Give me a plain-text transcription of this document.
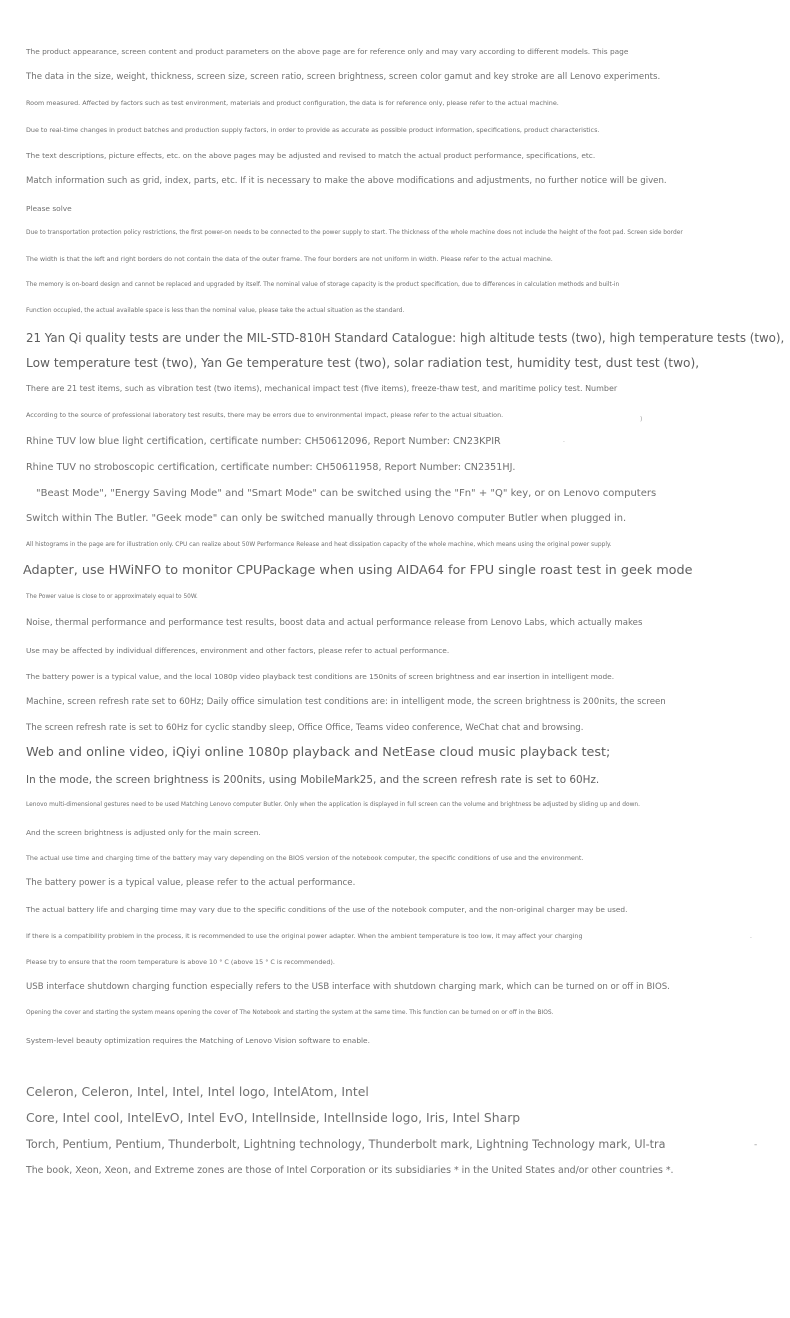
The product appearance, screen content and product parameters on the above page are for reference only and may vary according to different models. This page

The data in the size, weight, thickness, screen size, screen ratio, screen brightness, screen color gamut and key stroke are all Lenovo experiments.

Room measured. Affected by factors such as test environment, materials and product configuration, the data is for reference only, please refer to the actual machine.

Due to real-time changes in product batches and production supply factors, in order to provide as accurate as possible product information, specifications, product characteristics.

The text descriptions, picture effects, etc. on the above pages may be adjusted and revised to match the actual product performance, specifications, etc.

Match information such as grid, index, parts, etc. If it is necessary to make the above modifications and adjustments, no further notice will be given.

Please solve

Due to transportation protection policy restrictions, the first power-on needs to be connected to the power supply to start. The thickness of the whole machine does not include the height of the foot pad. Screen side border

The width is that the left and right borders do not contain the data of the outer frame. The four borders are not uniform in width. Please refer to the actual machine.

The memory is on-board design and cannot be replaced and upgraded by itself. The nominal value of storage capacity is the product specification, due to differences in calculation methods and built-in

Function occupied, the actual available space is less than the nominal value, please take the actual situation as the standard.

21 Yan Qi quality tests are under the MIL-STD-810H Standard Catalogue: high altitude tests (two), high temperature tests (two),

Low temperature test (two), Yan Ge temperature test (two), solar radiation test, humidity test, dust test (two),

There are 21 test items, such as vibration test (two items), mechanical impact test (five items), freeze-thaw test, and maritime policy test. Number

According to the source of professional laboratory test results, there may be errors due to environmental impact, please refer to the actual situation.

)

Rhine TUV low blue light certification, certificate number: CH50612096, Report Number: CN23KPIR	.

Rhine TUV no stroboscopic certification, certificate number: CH50611958, Report Number: CN2351HJ.

"Beast Mode", "Energy Saving Mode" and "Smart Mode" can be switched using the "Fn" + "Q" key, or on Lenovo computers

Switch within The Butler. "Geek mode" can only be switched manually through Lenovo computer Butler when plugged in.

All histograms in the page are for illustration only. CPU can realize about 50W Performance Release and heat dissipation capacity of the whole machine, which means using the original power supply.

Adapter, use HWiNFO to monitor CPUPackage when using AIDA64 for FPU single roast test in geek mode

The Power value is close to or approximately equal to 50W.

Noise, thermal performance and performance test results, boost data and actual performance release from Lenovo Labs, which actually makes

Use may be affected by individual differences, environment and other factors, please refer to actual performance.

The battery power is a typical value, and the local 1080p video playback test conditions are 150nits of screen brightness and ear insertion in intelligent mode.

Machine, screen refresh rate set to 60Hz; Daily office simulation test conditions are: in intelligent mode, the screen brightness is 200nits, the screen

The screen refresh rate is set to 60Hz for cyclic standby sleep, Office Office, Teams video conference, WeChat chat and browsing.

Web and online video, iQiyi online 1080p playback and NetEase cloud music playback test;

In the mode, the screen brightness is 200nits, using MobileMark25, and the screen refresh rate is set to 60Hz.

Lenovo multi-dimensional gestures need to be used Matching Lenovo computer Butler. Only when the application is displayed in full screen can the volume and brightness be adjusted by sliding up and down.

And the screen brightness is adjusted only for the main screen.

The actual use time and charging time of the battery may vary depending on the BIOS version of the notebook computer, the specific conditions of use and the environment.

The battery power is a typical value, please refer to the actual performance.

The actual battery life and charging time may vary due to the specific conditions of the use of the notebook computer, and the non-original charger may be used.

If there is a compatibility problem in the process, it is recommended to use the original power adapter. When the ambient temperature is too low, it may affect your charging	.

Please try to ensure that the room temperature is above 10 ° C (above 15 ° C is recommended).

USB interface shutdown charging function especially refers to the USB interface with shutdown charging mark, which can be turned on or off in BIOS.

Opening the cover and starting the system means opening the cover of The Notebook and starting the system at the same time. This function can be turned on or off in the BIOS.

System-level beauty optimization requires the Matching of Lenovo Vision software to enable.

Celeron, Celeron, Intel, Intel, Intel logo, IntelAtom, Intel

Core, Intel cool, IntelEvO, Intel EvO, Intellnside, Intellnside logo, Iris, Intel Sharp

Torch, Pentium, Pentium, Thunderbolt, Lightning technology, Thunderbolt mark, Lightning Technology mark, Ul-tra	-

The book, Xeon, Xeon, and Extreme zones are those of Intel Corporation or its subsidiaries * in the United States and/or other countries *.
